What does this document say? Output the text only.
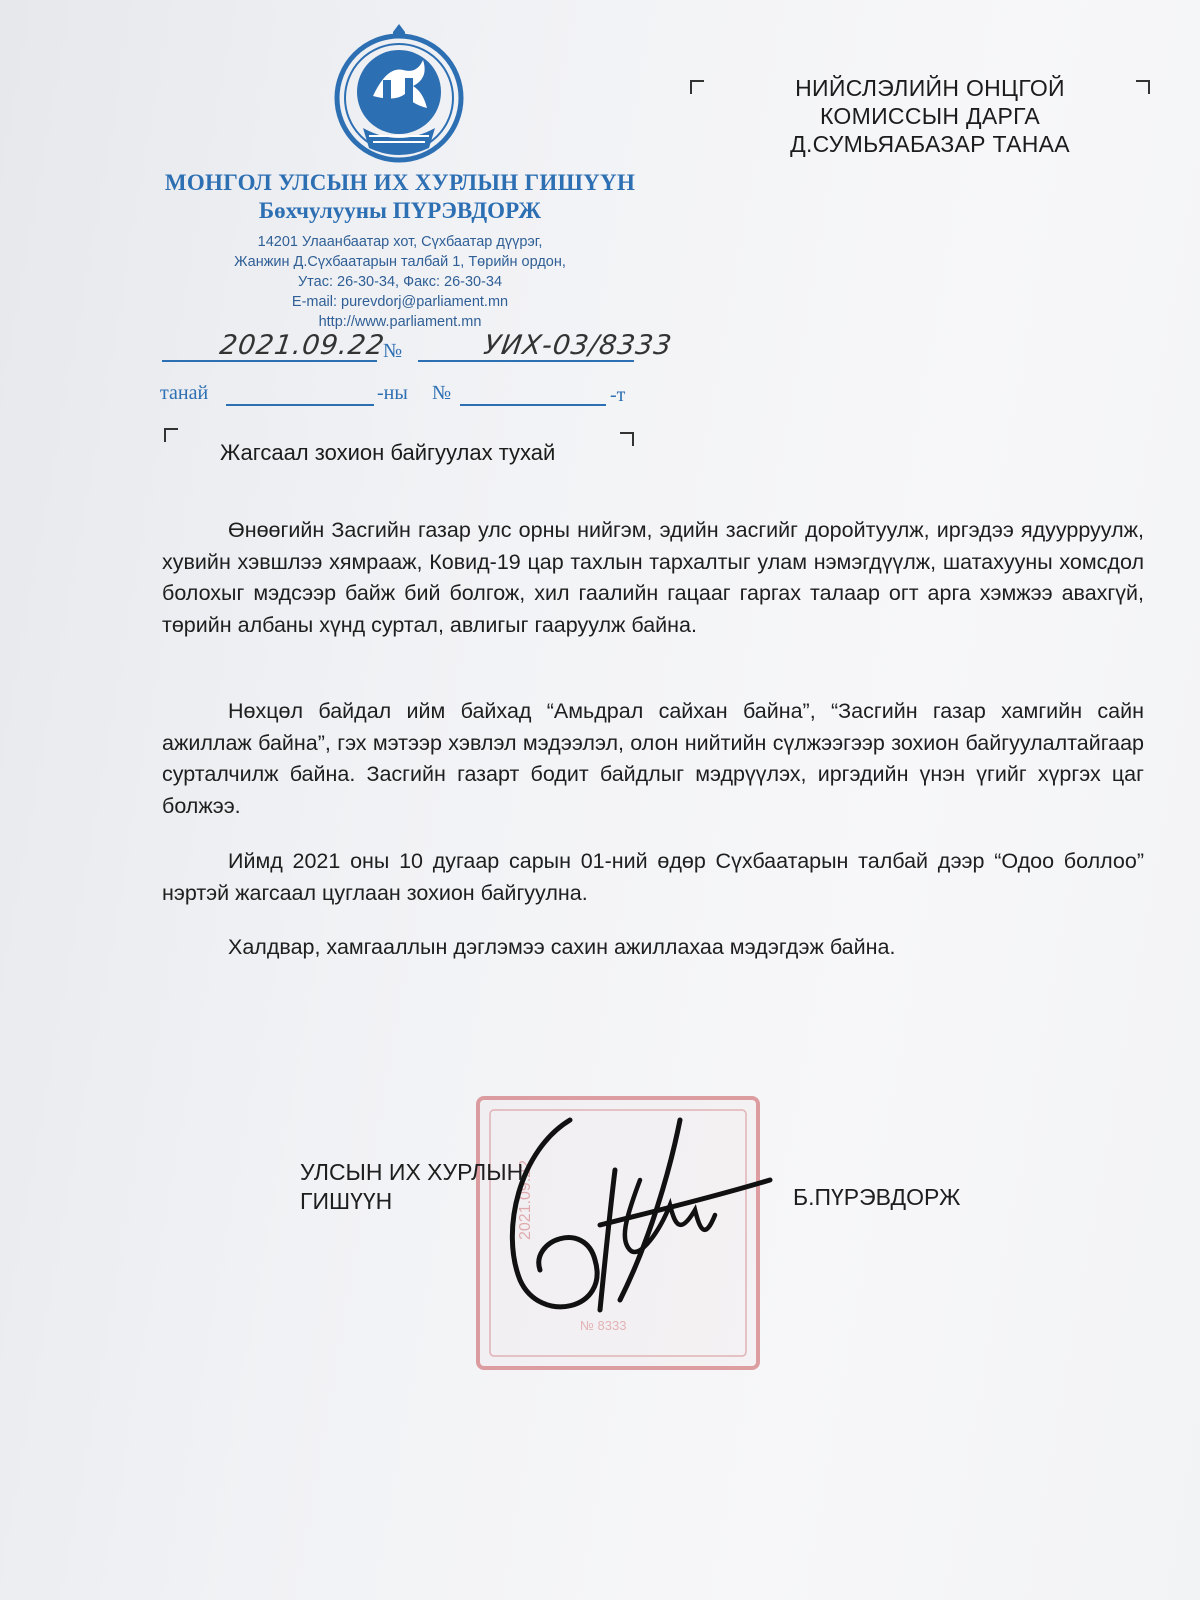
МОНГОЛ УЛСЫН ИХ ХУРЛЫН ГИШҮҮН
Бөхчулууны ПҮРЭВДОРЖ
14201 Улаанбаатар хот, Сүхбаатар дүүрэг,
Жанжин Д.Сүхбаатарын талбай 1, Төрийн ордон,
Утас: 26-30-34, Факс: 26-30-34
E-mail: purevdorj@parliament.mn
http://www.parliament.mn
НИЙСЛЭЛИЙН ОНЦГОЙ
КОМИССЫН ДАРГА
Д.СУМЬЯАБАЗАР ТАНАА
2021.09.22
№	УИХ-03/8333
танай	-ны №	-т
Жагсаал зохион байгуулах тухай

Өнөөгийн Засгийн газар улс орны нийгэм, эдийн засгийг доройтуулж, иргэдээ ядуурруулж, хувийн хэвшлээ хямрааж, Ковид-19 цар тахлын тархалтыг улам нэмэгдүүлж, шатахууны хомсдол болохыг мэдсээр байж бий болгож, хил гаалийн гацааг гаргах талаар огт арга хэмжээ авахгүй, төрийн албаны хүнд суртал, авлигыг гааруулж байна.

Нөхцөл байдал ийм байхад “Амьдрал сайхан байна”, “Засгийн газар хамгийн сайн ажиллаж байна”, гэх мэтээр хэвлэл мэдээлэл, олон нийтийн сүлжээгээр зохион байгуулалтайгаар сурталчилж байна. Засгийн газарт бодит байдлыг мэдрүүлэх, иргэдийн үнэн үгийг хүргэх цаг болжээ.

Иймд 2021 оны 10 дугаар сарын 01-ний өдөр Сүхбаатарын талбай дээр “Одоо боллоо” нэртэй жагсаал цуглаан зохион байгуулна.

Халдвар, хамгааллын дэглэмээ сахин ажиллахаа мэдэгдэж байна.

2021.09.22
№ 8333
УЛСЫН ИХ ХУРЛЫН
ГИШҮҮН	Б.ПҮРЭВДОРЖ
